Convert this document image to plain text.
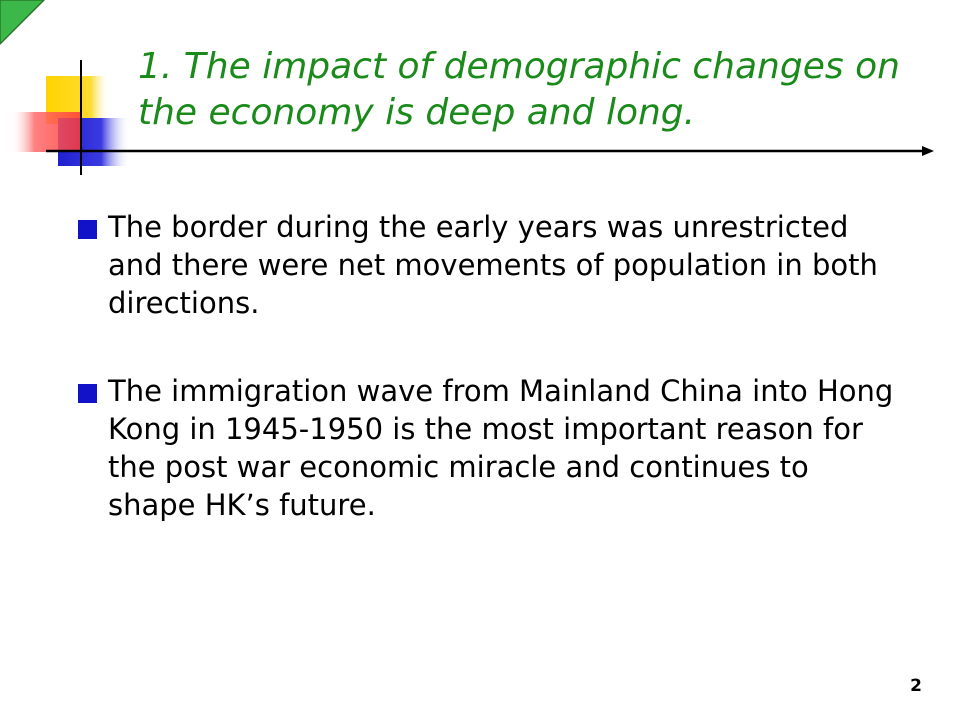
1. The impact of demographic changes on the economy is deep and long.
The border during the early years was unrestricted and there were net movements of population in both directions.
The immigration wave from Mainland China into Hong Kong in 1945-1950 is the most important reason for the post war economic miracle and continues to shape HK’s future.
2
